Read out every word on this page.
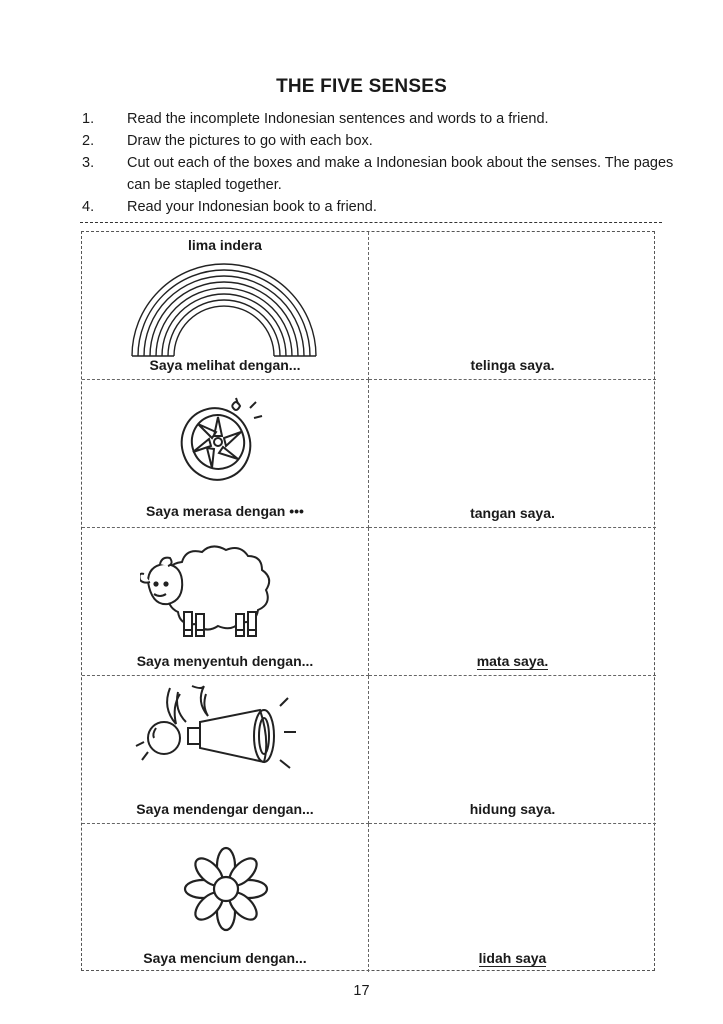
THE FIVE SENSES
1.	Read the incomplete Indonesian sentences and words to a friend.
2.	Draw the pictures to go with each box.
3.	Cut out each of the boxes and make a Indonesian book about the senses. The pages can be stapled together.
4.	Read your Indonesian book to a friend.
lima indera
Saya melihat dengan...	telinga saya.
Saya merasa dengan •••	tangan saya.
Saya menyentuh dengan...	mata saya.
Saya mendengar dengan...	hidung saya.
Saya mencium dengan...	lidah saya
17
